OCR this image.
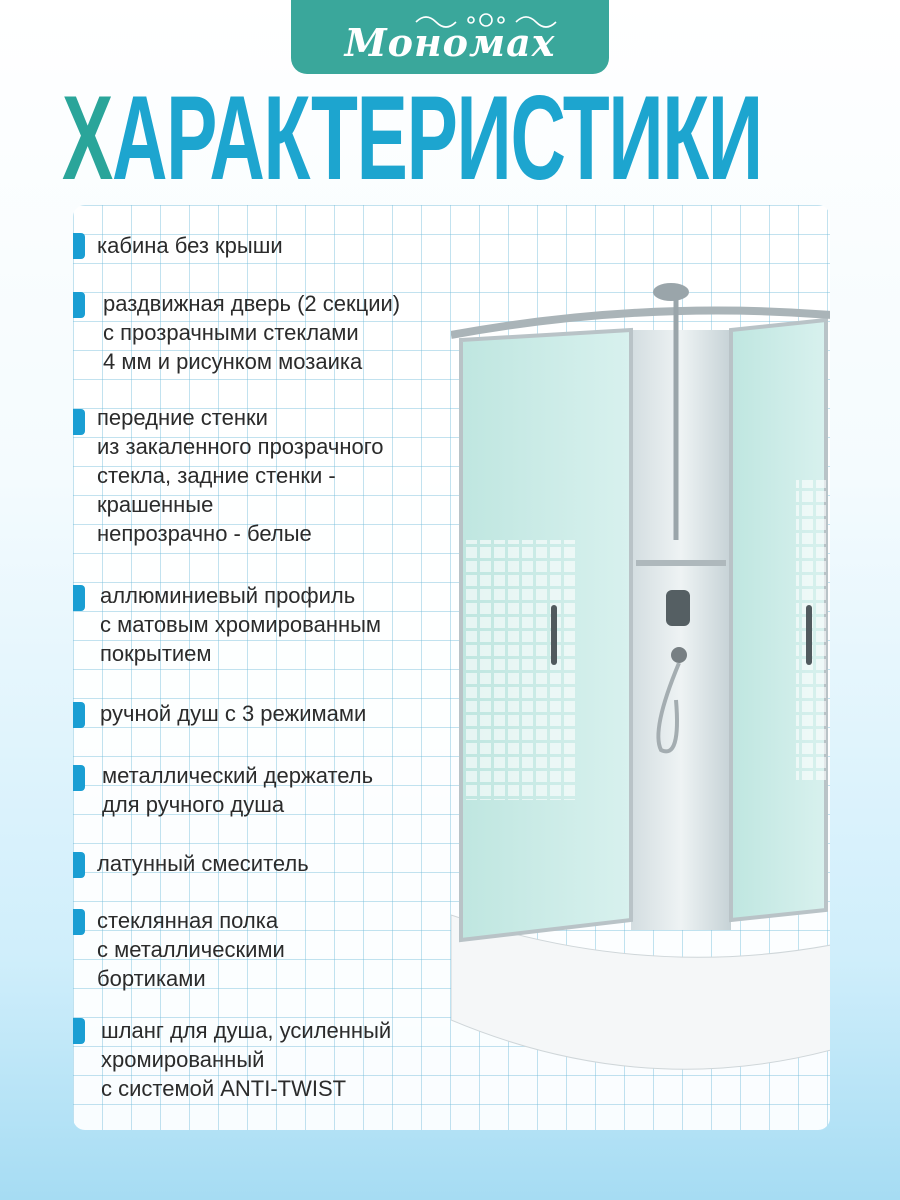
Мономах
ХАРАКТЕРИСТИКИ
кабина без крыши
раздвижная дверь (2 секции)
с прозрачными стеклами
4 мм и рисунком мозаика
передние стенки
из закаленного прозрачного
стекла, задние стенки -
крашенные
непрозрачно - белые
аллюминиевый профиль
с матовым хромированным
покрытием
ручной душ с 3 режимами
металлический держатель
для ручного душа
латунный смеситель
стеклянная полка
с металлическими
бортиками
шланг для душа, усиленный
хромированный
с системой ANTI-TWIST
